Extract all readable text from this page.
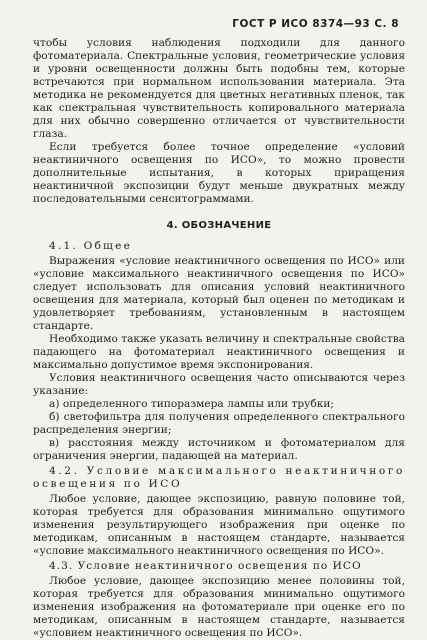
ГОСТ Р ИСО 8374—93 С. 8

чтобы условия наблюдения подходили для данного фотоматериала. Спектральные условия, геометрические условия и уровни освещенности должны быть подобны тем, которые встречаются при нормальном использовании материала. Эта методика не рекомендуется для цветных негативных пленок, так как спектральная чувствительность копировального материала для них обычно совершенно отличается от чувствительности глаза.

Если требуется более точное определение «условий неактиничного освещения по ИСО», то можно провести дополнительные испытания, в которых приращения неактиничной экспозиции будут меньше двукратных между последовательными сенситограммами.

4. ОБОЗНАЧЕНИЕ
4.1. Общее

Выражения «условие неактиничного освещения по ИСО» или «условие максимального неактиничного освещения по ИСО» следует использовать для описания условий неактиничного освещения для материала, который был оценен по методикам и удовлетворяет требованиям, установленным в настоящем стандарте.

Необходимо также указать величину и спектральные свойства падающего на фотоматериал неактиничного освещения и максимально допустимое время экспонирования.

Условия неактиничного освещения часто описываются через указание:

а) определенного типоразмера лампы или трубки;

б) светофильтра для получения определенного спектрального распределения энергии;

в) расстояния между источником и фотоматериалом для ограничения энергии, падающей на материал.

4.2. Условие максимального неактиничного освещения по ИСО

Любое условие, дающее экспозицию, равную половине той, которая требуется для образования минимально ощутимого изменения результирующего изображения при оценке по методикам, описанным в настоящем стандарте, называется «условие максимального неактиничного освещения по ИСО».

4.3. Условие неактиничного освещения по ИСО

Любое условие, дающее экспозицию менее половины той, которая требуется для образования минимально ощутимого изменения изображения на фотоматериале при оценке его по методикам, описанным в настоящем стандарте, называется «условием неактиничного освещения по ИСО».
